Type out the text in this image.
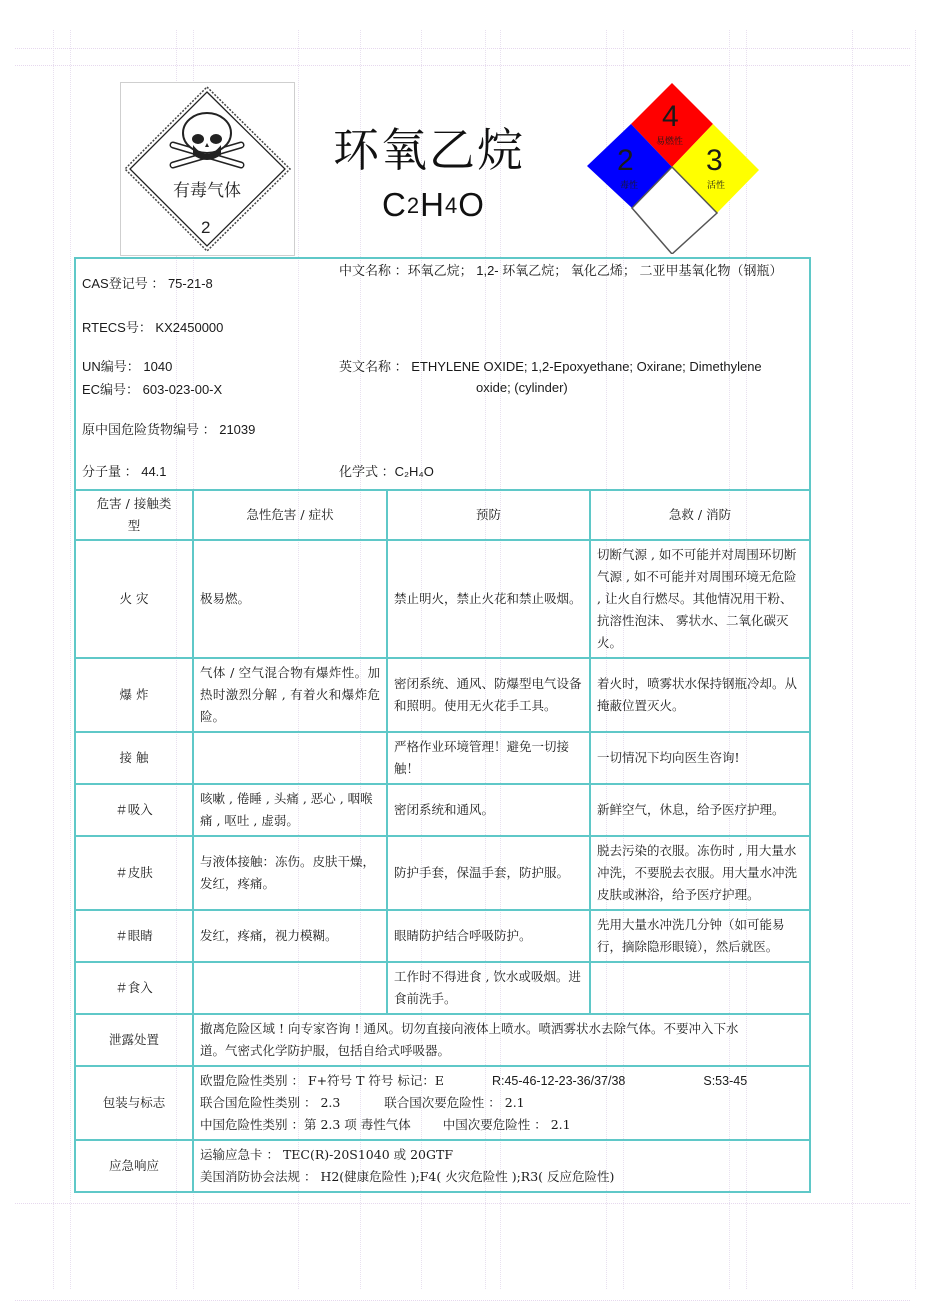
有毒气体
2
环氧乙烷
C2H4O
4
易燃性
2
毒性
3
活性
CAS登记号 ： 75-21-8
RTECS号： KX2450000
UN编号： 1040
EC编号： 603-023-00-X
原中国危险货物编号 ： 21039
分子量 ： 44.1
中文名称 ：环氧乙烷； 1,2- 环氧乙烷； 氧化乙烯； 二亚甲基氧化物（钢瓶）
英文名称 ： ETHYLENE OXIDE; 1,2-Epoxyethane; Oxirane; Dimethylene
oxide; (cylinder)
化学式 ：C₂H₄O
危害 / 接触类型	急性危害 / 症状	预防	急救 / 消防
火 灾	极易燃。	禁止明火，禁止火花和禁止吸烟。	切断气源 , 如不可能并对周围环切断气源 , 如不可能并对周围环境无危险 , 让火自行燃尽。其他情况用干粉、 抗溶性泡沫、 雾状水、二氧化碳灭火。
爆 炸	气体 / 空气混合物有爆炸性。加热时激烈分解 , 有着火和爆炸危险。	密闭系统、通风、防爆型电气设备和照明。使用无火花手工具。	着火时，喷雾状水保持钢瓶冷却。从掩蔽位置灭火。
接 触		严格作业环境管理！避免一切接触！	一切情况下均向医生咨询!
＃吸入	咳嗽 , 倦睡 , 头痛 , 恶心 , 咽喉痛 , 呕吐 , 虚弱。	密闭系统和通风。	新鲜空气，休息，给予医疗护理。
＃皮肤	与液体接触：冻伤。皮肤干燥，发红，疼痛。	防护手套，保温手套，防护服。	脱去污染的衣服。冻伤时 , 用大量水冲洗，不要脱去衣服。用大量水冲洗皮肤或淋浴，给予医疗护理。
＃眼睛	发红，疼痛，视力模糊。	眼睛防护结合呼吸防护。	先用大量水冲洗几分钟（如可能易行，摘除隐形眼镜），然后就医。
＃食入		工作时不得进食 , 饮水或吸烟。进食前洗手。	
泄露处置	撤离危险区域 ! 向专家咨询 ! 通风。切勿直接向液体上喷水。喷洒雾状水去除气体。不要冲入下水道。气密式化学防护服，包括自给式呼吸器。		
包装与标志	欧盟危险性类别 ： F+符号 T 符号 标记：E R:45-46-12-23-36/37/38 S:53-45
联合国危险性类别 ： 2.3 联合国次要危险性 ： 2.1
中国危险性类别 ：第 2.3 项 毒性气体 中国次要危险性 ： 2.1		

应急响应	运输应急卡 ： TEC(R)-20S1040 或 20GTF
美国消防协会法规 ： H2(健康危险性 );F4( 火灾危险性 );R3( 反应危险性)		
